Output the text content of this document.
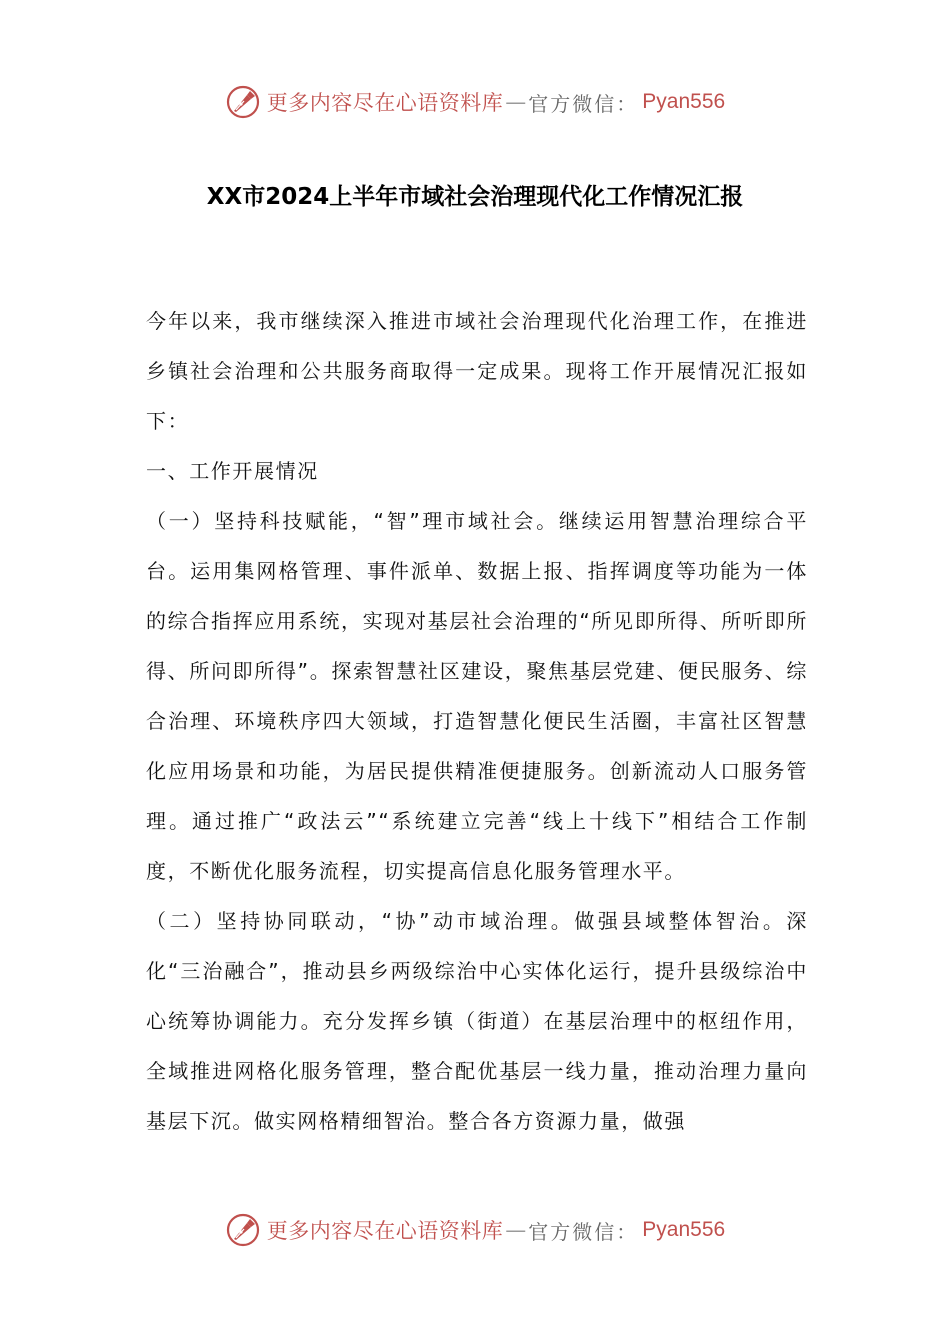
更多内容尽在心语资料库 — 官方微信： Pyan556
XX市2024上半年市域社会治理现代化工作情况汇报

今年以来，我市继续深入推进市域社会治理现代化治理工作，在推进乡镇社会治理和公共服务商取得一定成果。现将工作开展情况汇报如下：

一、工作开展情况

（一）坚持科技赋能，“智”理市域社会。继续运用智慧治理综合平台。运用集网格管理、事件派单、数据上报、指挥调度等功能为一体的综合指挥应用系统，实现对基层社会治理的“所见即所得、所听即所得、所问即所得”。探索智慧社区建设，聚焦基层党建、便民服务、综合治理、环境秩序四大领域，打造智慧化便民生活圈，丰富社区智慧化应用场景和功能，为居民提供精准便捷服务。创新流动人口服务管理。通过推广“政法云”“系统建立完善“线上十线下”相结合工作制度，不断优化服务流程，切实提高信息化服务管理水平。

（二）坚持协同联动，“协”动市域治理。做强县域整体智治。深化“三治融合”，推动县乡两级综治中心实体化运行，提升县级综治中心统筹协调能力。充分发挥乡镇（街道）在基层治理中的枢纽作用，全域推进网格化服务管理，整合配优基层一线力量，推动治理力量向基层下沉。做实网格精细智治。整合各方资源力量，做强

更多内容尽在心语资料库 — 官方微信： Pyan556
